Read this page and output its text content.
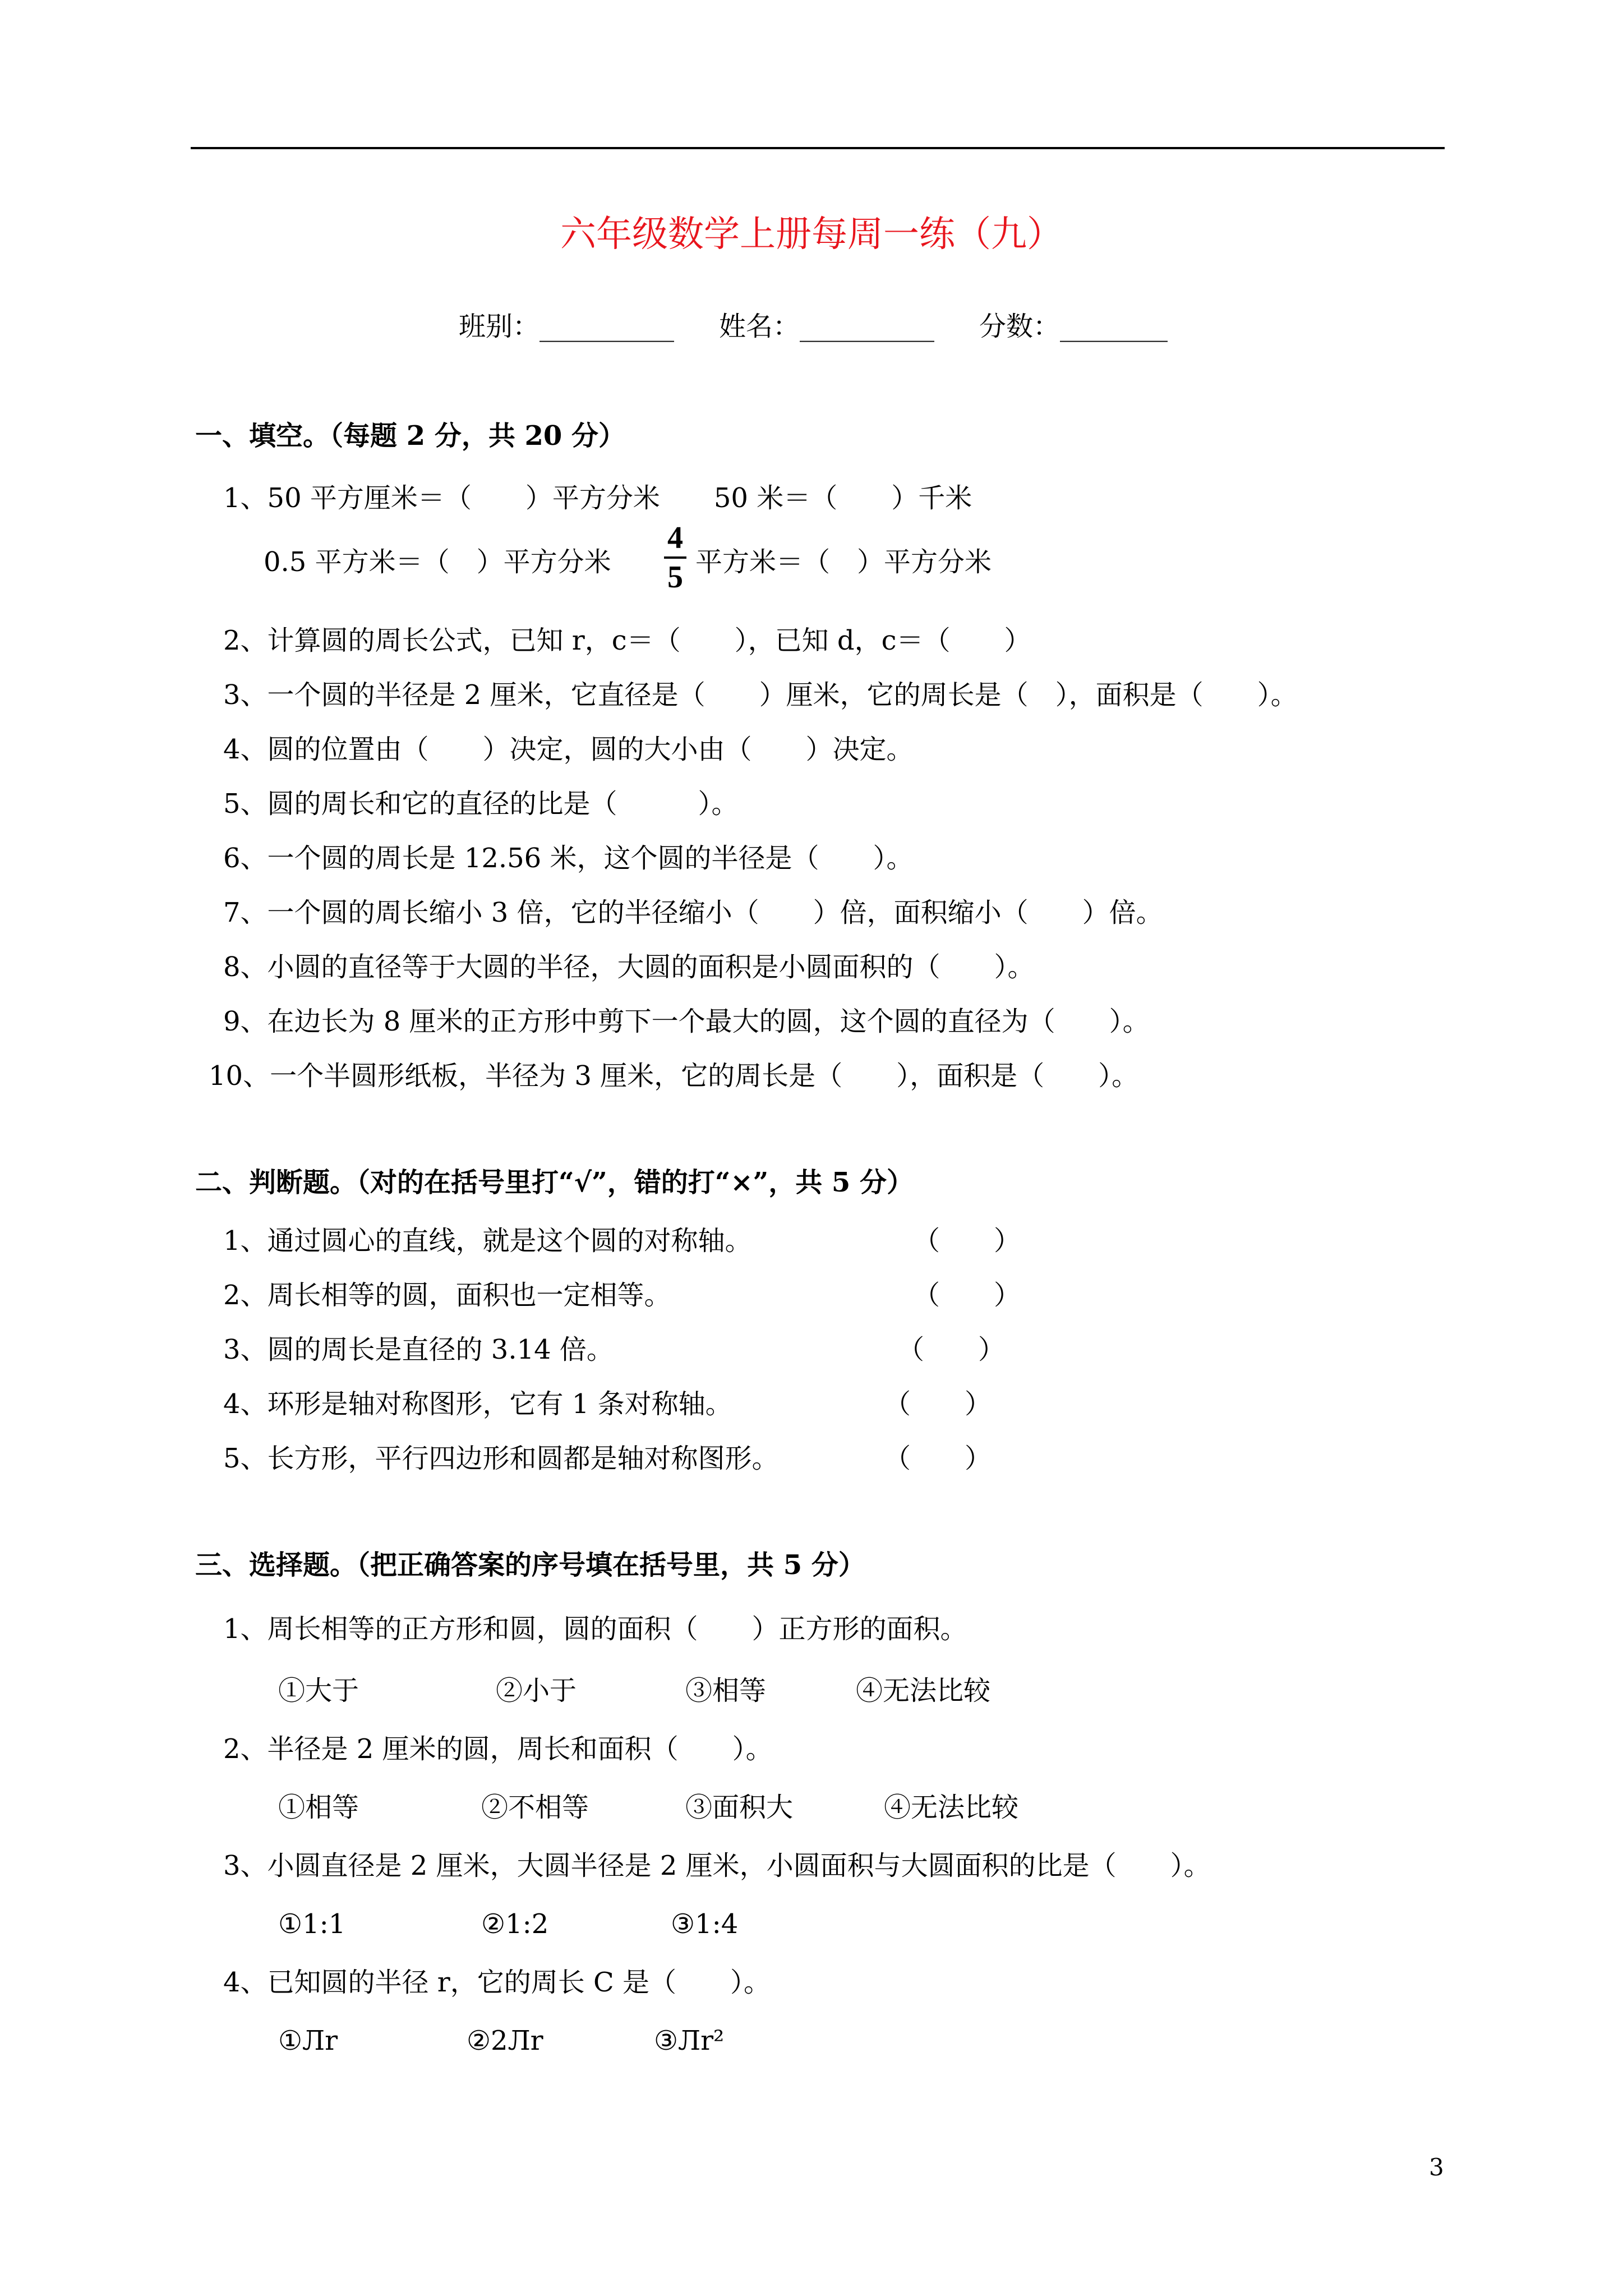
六年级数学上册每周一练（九）
班别：__________ 姓名：__________ 分数：________
一、填空。（每题 2 分，共 20 分）
1、50 平方厘米＝（　　）平方分米　　50 米＝（　　）千米
0.5 平方米＝（　）平方分米
4
5 平方米＝（　）平方分米
2、计算圆的周长公式，已知 r，c＝（　　），已知 d，c＝（　　）
3、一个圆的半径是 2 厘米，它直径是（　　）厘米，它的周长是（　），面积是（　　）。
4、圆的位置由（　　）决定，圆的大小由（　　）决定。
5、圆的周长和它的直径的比是（　　　）。
6、一个圆的周长是 12.56 米，这个圆的半径是（　　）。
7、一个圆的周长缩小 3 倍，它的半径缩小（　　）倍，面积缩小（　　）倍。
8、小圆的直径等于大圆的半径，大圆的面积是小圆面积的（　　）。
9、在边长为 8 厘米的正方形中剪下一个最大的圆，这个圆的直径为（　　）。
10、一个半圆形纸板，半径为 3 厘米，它的周长是（　　），面积是（　　）。
二、判断题。（对的在括号里打“√”，错的打“×”，共 5 分）
1、通过圆心的直线，就是这个圆的对称轴。	（　　）
2、周长相等的圆，面积也一定相等。	（　　）
3、圆的周长是直径的 3.14 倍。	（　　）
4、环形是轴对称图形，它有 1 条对称轴。	（　　）
5、长方形，平行四边形和圆都是轴对称图形。	（　　）
三、选择题。（把正确答案的序号填在括号里，共 5 分）
1、周长相等的正方形和圆，圆的面积（　　）正方形的面积。
①大于	②小于	③相等	④无法比较
2、半径是 2 厘米的圆，周长和面积（　　）。
①相等	②不相等	③面积大	④无法比较
3、小圆直径是 2 厘米，大圆半径是 2 厘米，小圆面积与大圆面积的比是（　　）。
①1:1	②1:2	③1:4
4、已知圆的半径 r，它的周长 C 是（　　）。
①Лr	②2Лr	③Лr²
3
